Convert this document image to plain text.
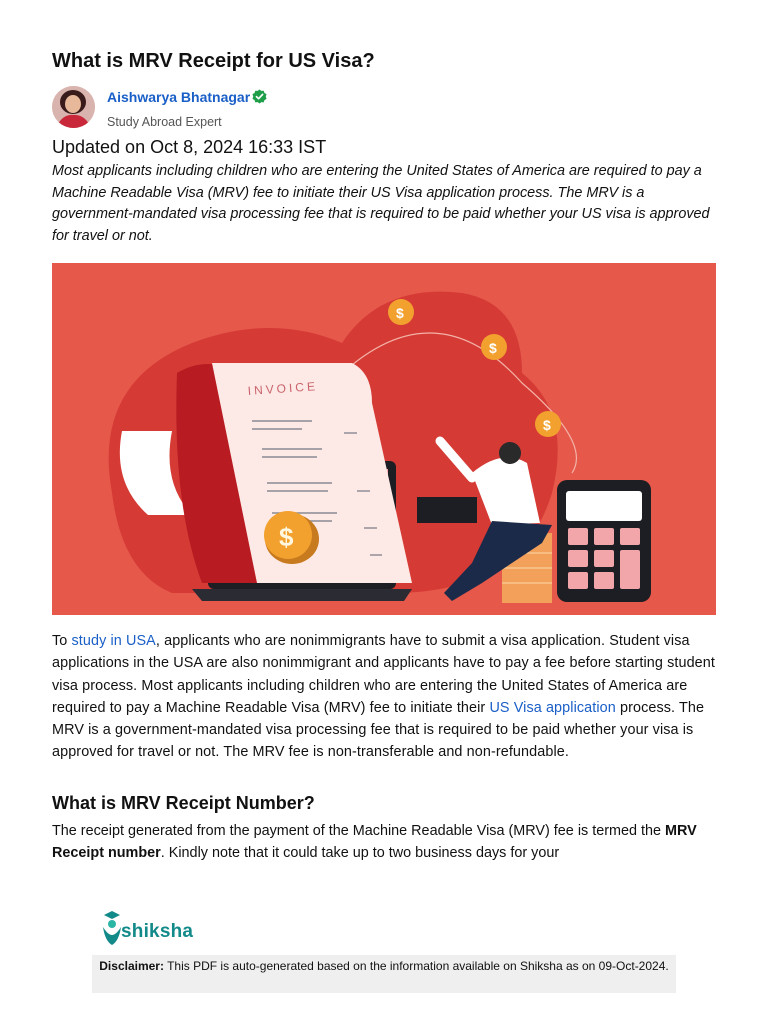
What is MRV Receipt for US Visa?
Aishwarya Bhatnagar
Study Abroad Expert
Updated on Oct 8, 2024 16:33 IST

Most applicants including children who are entering the United States of America are required to pay a Machine Readable Visa (MRV) fee to initiate their US Visa application process. The MRV is a government-mandated visa processing fee that is required to be paid whether your US visa is approved for travel or not.

INVOICE
$
$
$
$

To study in USA, applicants who are nonimmigrants have to submit a visa application. Student visa applications in the USA are also nonimmigrant and applicants have to pay a fee before starting student visa process. Most applicants including children who are entering the United States of America are required to pay a Machine Readable Visa (MRV) fee to initiate their US Visa application process. The MRV is a government-mandated visa processing fee that is required to be paid whether your visa is approved for travel or not. The MRV fee is non-transferable and non-refundable.

What is MRV Receipt Number?

The receipt generated from the payment of the Machine Readable Visa (MRV) fee is termed the MRV Receipt number. Kindly note that it could take up to two business days for your

shiksha
Disclaimer: This PDF is auto-generated based on the information available on Shiksha as on 09-Oct-2024.
